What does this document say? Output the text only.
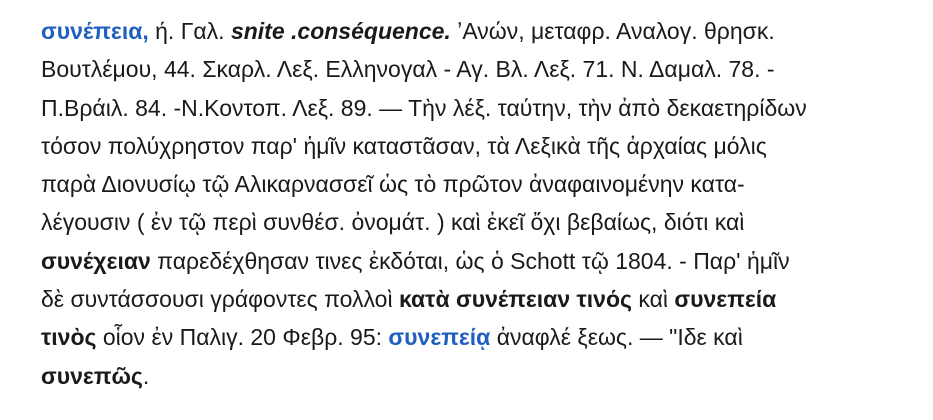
συνέπεια, ή. Γαλ. snite .conséquence. ʼΑνών, μεταφρ. Αναλογ. θρησκ.
Βουτλέμου, 44. Σκαρλ. Λεξ. Ελληνογαλ - Αγ. Βλ. Λεξ. 71. Ν. Δαμαλ. 78. -
Π.Βράιλ. 84. -Ν.Κοντοπ. Λεξ. 89. — Τὴν λέξ. ταύτην, τὴν ἀπὸ δεκαετηρίδων
τόσον πολύχρηστον παρ' ἡμῖν καταστᾶσαν, τὰ Λεξικὰ τῆς ἀρχαίας μόλις
παρὰ Διονυσίῳ τῷ Αλικαρνασσεῖ ὡς τὸ πρῶτον ἀναφαινομένην κατα-
λέγουσιν ( ἐν τῷ περὶ συνθέσ. ὀνομάτ. ) καὶ ἐκεῖ ὄχι βεβαίως, διότι καὶ
συνέχειαν παρεδέχθησαν τινες ἐκδόται, ὡς ὁ Schott τῷ 1804. - Παρ' ἡμῖν
δὲ συντάσσουσι γράφοντες πολλοὶ κατὰ συνέπειαν τινός καὶ συνεπεία
τινὸς οἷον ἐν Παλιγ. 20 Φεβρ. 95: συνεπείᾳ ἀναφλέ ξεως. — "Ιδε καὶ
συνεπῶς.
